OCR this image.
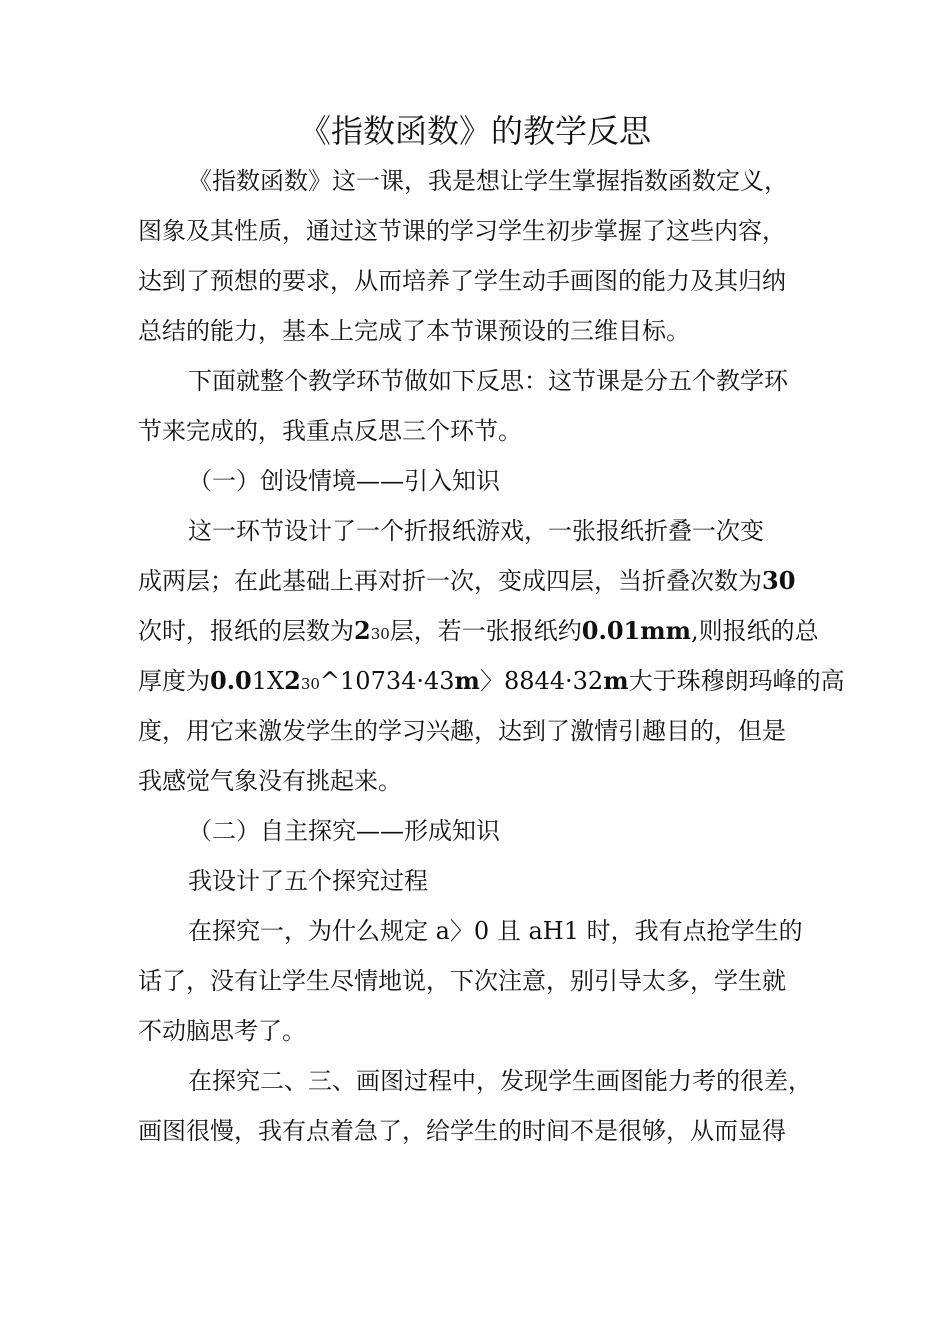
《指数函数》的教学反思
《指数函数》这一课，我是想让学生掌握指数函数定义，
图象及其性质，通过这节课的学习学生初步掌握了这些内容，
达到了预想的要求，从而培养了学生动手画图的能力及其归纳
总结的能力，基本上完成了本节课预设的三维目标。
下面就整个教学环节做如下反思：这节课是分五个教学环
节来完成的，我重点反思三个环节。
（一）创设情境——引入知识
这一环节设计了一个折报纸游戏，一张报纸折叠一次变
成两层；在此基础上再对折一次，变成四层，当折叠次数为30
次时，报纸的层数为230层，若一张报纸约0.01mm,则报纸的总
厚度为0.01X230^10734·43m〉8844·32m大于珠穆朗玛峰的高
度，用它来激发学生的学习兴趣，达到了激情引趣目的，但是
我感觉气象没有挑起来。
（二）自主探究——形成知识
我设计了五个探究过程
在探究一，为什么规定 a〉0 且 aH1 时，我有点抢学生的
话了，没有让学生尽情地说，下次注意，别引导太多，学生就
不动脑思考了。
在探究二、三、画图过程中，发现学生画图能力考的很差，
画图很慢，我有点着急了，给学生的时间不是很够，从而显得
